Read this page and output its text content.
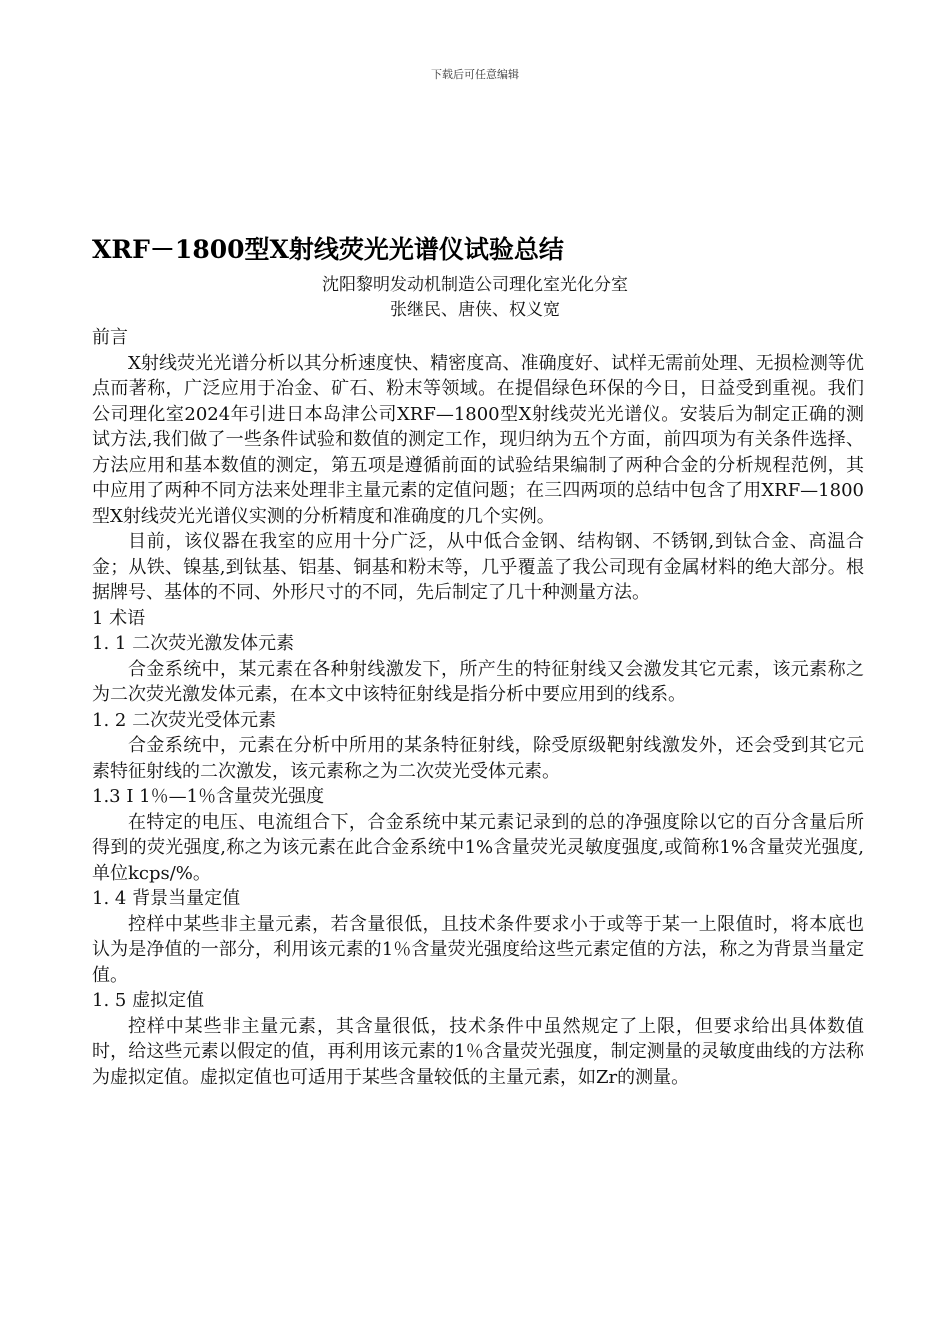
下载后可任意编辑
XRF－1800型X射线荧光光谱仪试验总结
沈阳黎明发动机制造公司理化室光化分室
张继民、唐侠、权义宽

前言

X射线荧光光谱分析以其分析速度快、精密度高、准确度好、试样无需前处理、无损检测等优点而著称，广泛应用于冶金、矿石、粉末等领域。在提倡绿色环保的今日，日益受到重视。我们公司理化室2024年引进日本岛津公司XRF—1800型X射线荧光光谱仪。安装后为制定正确的测试方法,我们做了一些条件试验和数值的测定工作，现归纳为五个方面，前四项为有关条件选择、方法应用和基本数值的测定，第五项是遵循前面的试验结果编制了两种合金的分析规程范例，其中应用了两种不同方法来处理非主量元素的定值问题；在三四两项的总结中包含了用XRF—1800型X射线荧光光谱仪实测的分析精度和准确度的几个实例。

目前，该仪器在我室的应用十分广泛，从中低合金钢、结构钢、不锈钢,到钛合金、高温合金；从铁、镍基,到钛基、铝基、铜基和粉末等，几乎覆盖了我公司现有金属材料的绝大部分。根据牌号、基体的不同、外形尺寸的不同，先后制定了几十种测量方法。

1 术语

1. 1 二次荧光激发体元素

合金系统中，某元素在各种射线激发下，所产生的特征射线又会激发其它元素，该元素称之为二次荧光激发体元素，在本文中该特征射线是指分析中要应用到的线系。

1. 2 二次荧光受体元素

合金系统中，元素在分析中所用的某条特征射线，除受原级靶射线激发外，还会受到其它元素特征射线的二次激发，该元素称之为二次荧光受体元素。

1.3 I 1％—1％含量荧光强度

在特定的电压、电流组合下，合金系统中某元素记录到的总的净强度除以它的百分含量后所得到的荧光强度,称之为该元素在此合金系统中1%含量荧光灵敏度强度,或简称1%含量荧光强度,单位kcps/%。

1. 4 背景当量定值

控样中某些非主量元素，若含量很低，且技术条件要求小于或等于某一上限值时，将本底也认为是净值的一部分，利用该元素的1％含量荧光强度给这些元素定值的方法，称之为背景当量定值。

1. 5 虚拟定值

控样中某些非主量元素，其含量很低，技术条件中虽然规定了上限，但要求给出具体数值时，给这些元素以假定的值，再利用该元素的1％含量荧光强度，制定测量的灵敏度曲线的方法称为虚拟定值。虚拟定值也可适用于某些含量较低的主量元素，如Zr的测量。
